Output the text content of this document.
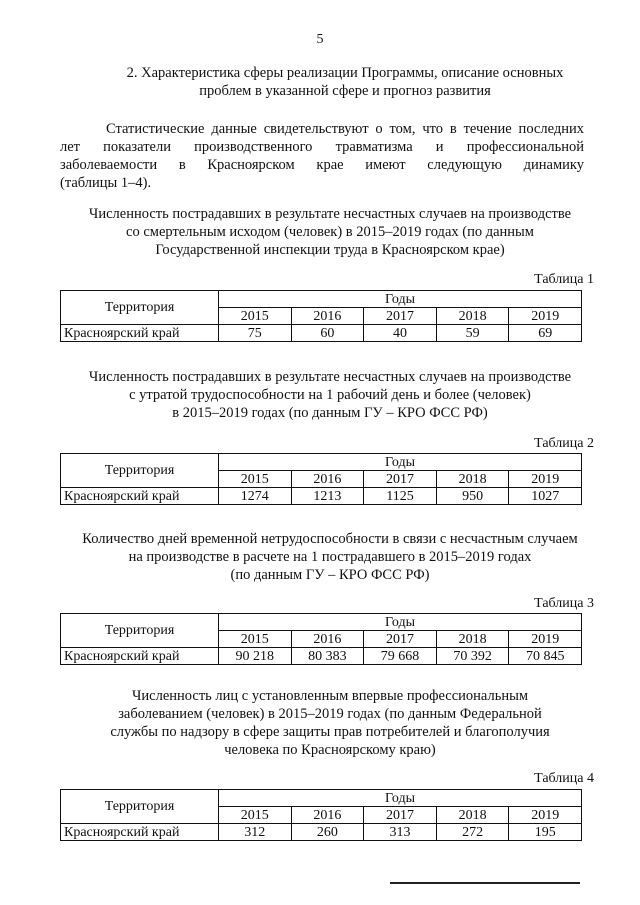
5
2. Характеристика сферы реализации Программы, описание основных
проблем в указанной сфере и прогноз развития
Статистические данные свидетельствуют о том, что в течение последних
лет показатели производственного травматизма и профессиональной
заболеваемости в Красноярском крае имеют следующую динамику
(таблицы 1–4).
Численность пострадавших в результате несчастных случаев на производстве
со смертельным исходом (человек) в 2015–2019 годах (по данным
Государственной инспекции труда в Красноярском крае)
Таблица 1
Территория	Годы				
	2015	2016	2017	2018	2019
Красноярский край	75	60	40	59	69
Численность пострадавших в результате несчастных случаев на производстве
с утратой трудоспособности на 1 рабочий день и более (человек)
в 2015–2019 годах (по данным ГУ – КРО ФСС РФ)
Таблица 2
Территория	Годы				
	2015	2016	2017	2018	2019
Красноярский край	1274	1213	1125	950	1027
Количество дней временной нетрудоспособности в связи с несчастным случаем
на производстве в расчете на 1 пострадавшего в 2015–2019 годах
(по данным ГУ – КРО ФСС РФ)
Таблица 3
Территория	Годы				
	2015	2016	2017	2018	2019
Красноярский край	90 218	80 383	79 668	70 392	70 845
Численность лиц с установленным впервые профессиональным
заболеванием (человек) в 2015–2019 годах (по данным Федеральной
службы по надзору в сфере защиты прав потребителей и благополучия
человека по Красноярскому краю)
Таблица 4
Территория	Годы				
	2015	2016	2017	2018	2019
Красноярский край	312	260	313	272	195
